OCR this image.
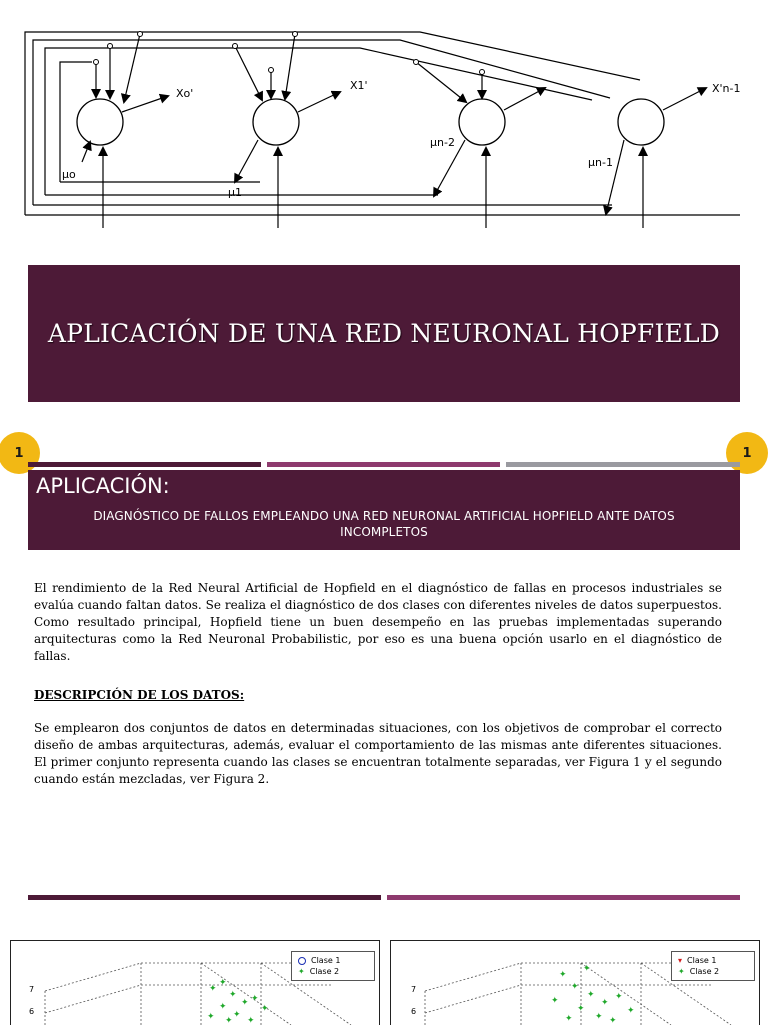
Xo'
X1'	X'n-1
μo
μ1
μn-2
μn-1
APLICACIÓN DE UNA RED NEURONAL HOPFIELD
1	1
APLICACIÓN:
DIAGNÓSTICO DE FALLOS EMPLEANDO UNA RED NEURONAL ARTIFICIAL HOPFIELD ANTE DATOS
INCOMPLETOS

El rendimiento de la Red Neural Artificial de Hopfield en el diagnóstico de fallas en procesos industriales se evalúa cuando faltan datos. Se realiza el diagnóstico de dos clases con diferentes niveles de datos superpuestos. Como resultado principal, Hopfield tiene un buen desempeño en las pruebas implementadas superando arquitecturas como la Red Neuronal Probabilistic, por eso es una buena opción usarlo en el diagnóstico de fallas.

DESCRIPCIÓN DE LOS DATOS:

Se emplearon dos conjuntos de datos en determinadas situaciones, con los objetivos de comprobar el correcto diseño de ambas arquitecturas, además, evaluar el comportamiento de las mismas ante diferentes situaciones. El primer conjunto representa cuando las clases se encuentran totalmente separadas, ver Figura 1 y el segundo cuando están mezcladas, ver Figura 2.

✦
✦
✦
✦ ✦
✦
✦
✦
✦
✦ ✦
7
6
Clase 1
✦ Clase 2	✦
✦
✦
✦
✦
✦
✦
✦
✦
✦
✦
✦
7
6
▾ Clase 1
✦ Clase 2
